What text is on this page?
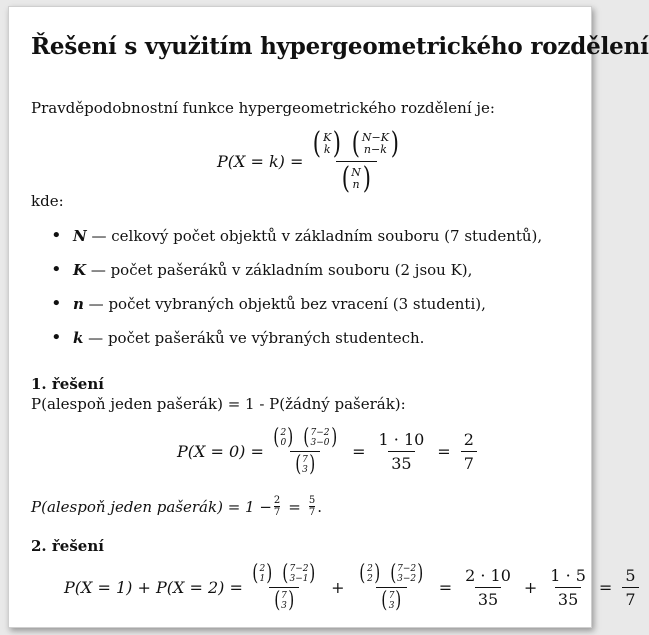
Řešení s využitím hypergeometrického rozdělení
Pravděpodobnostní funkce hypergeometrického rozdělení je:
P(X = k) = ( K
k )
( N−K
n−k )
( N
n )
kde:
• N — celkový počet objektů v základním souboru (7 studentů),
• K — počet pašeráků v základním souboru (2 jsou K),
• n — počet vybraných objektů bez vracení (3 studenti),
• k — počet pašeráků ve výbraných studentech.
1. řešení
P(alespoň jeden pašerák) = 1 - P(žádný pašerák):
P(X = 0) = ( 2
0 )
( 7−2
3−0 )
( 7
3 ) = $\frac{1 \cdot 10}{35} = \frac{2}{7}$
P(alespoň jeden pašerák) = $1 - \frac{2}{7} = \frac{5}{7}$ .
2. řešení
P(X = 1) + P(X = 2) = ( 2
1 )
( 7−2
3−1 )
( 7
3 ) + ( 2
2 )
( 7−2
3−2 )
( 7
3 ) = $\frac{2 \cdot 10}{35} + \frac{1 \cdot 5}{35} = \frac{5}{7}$
